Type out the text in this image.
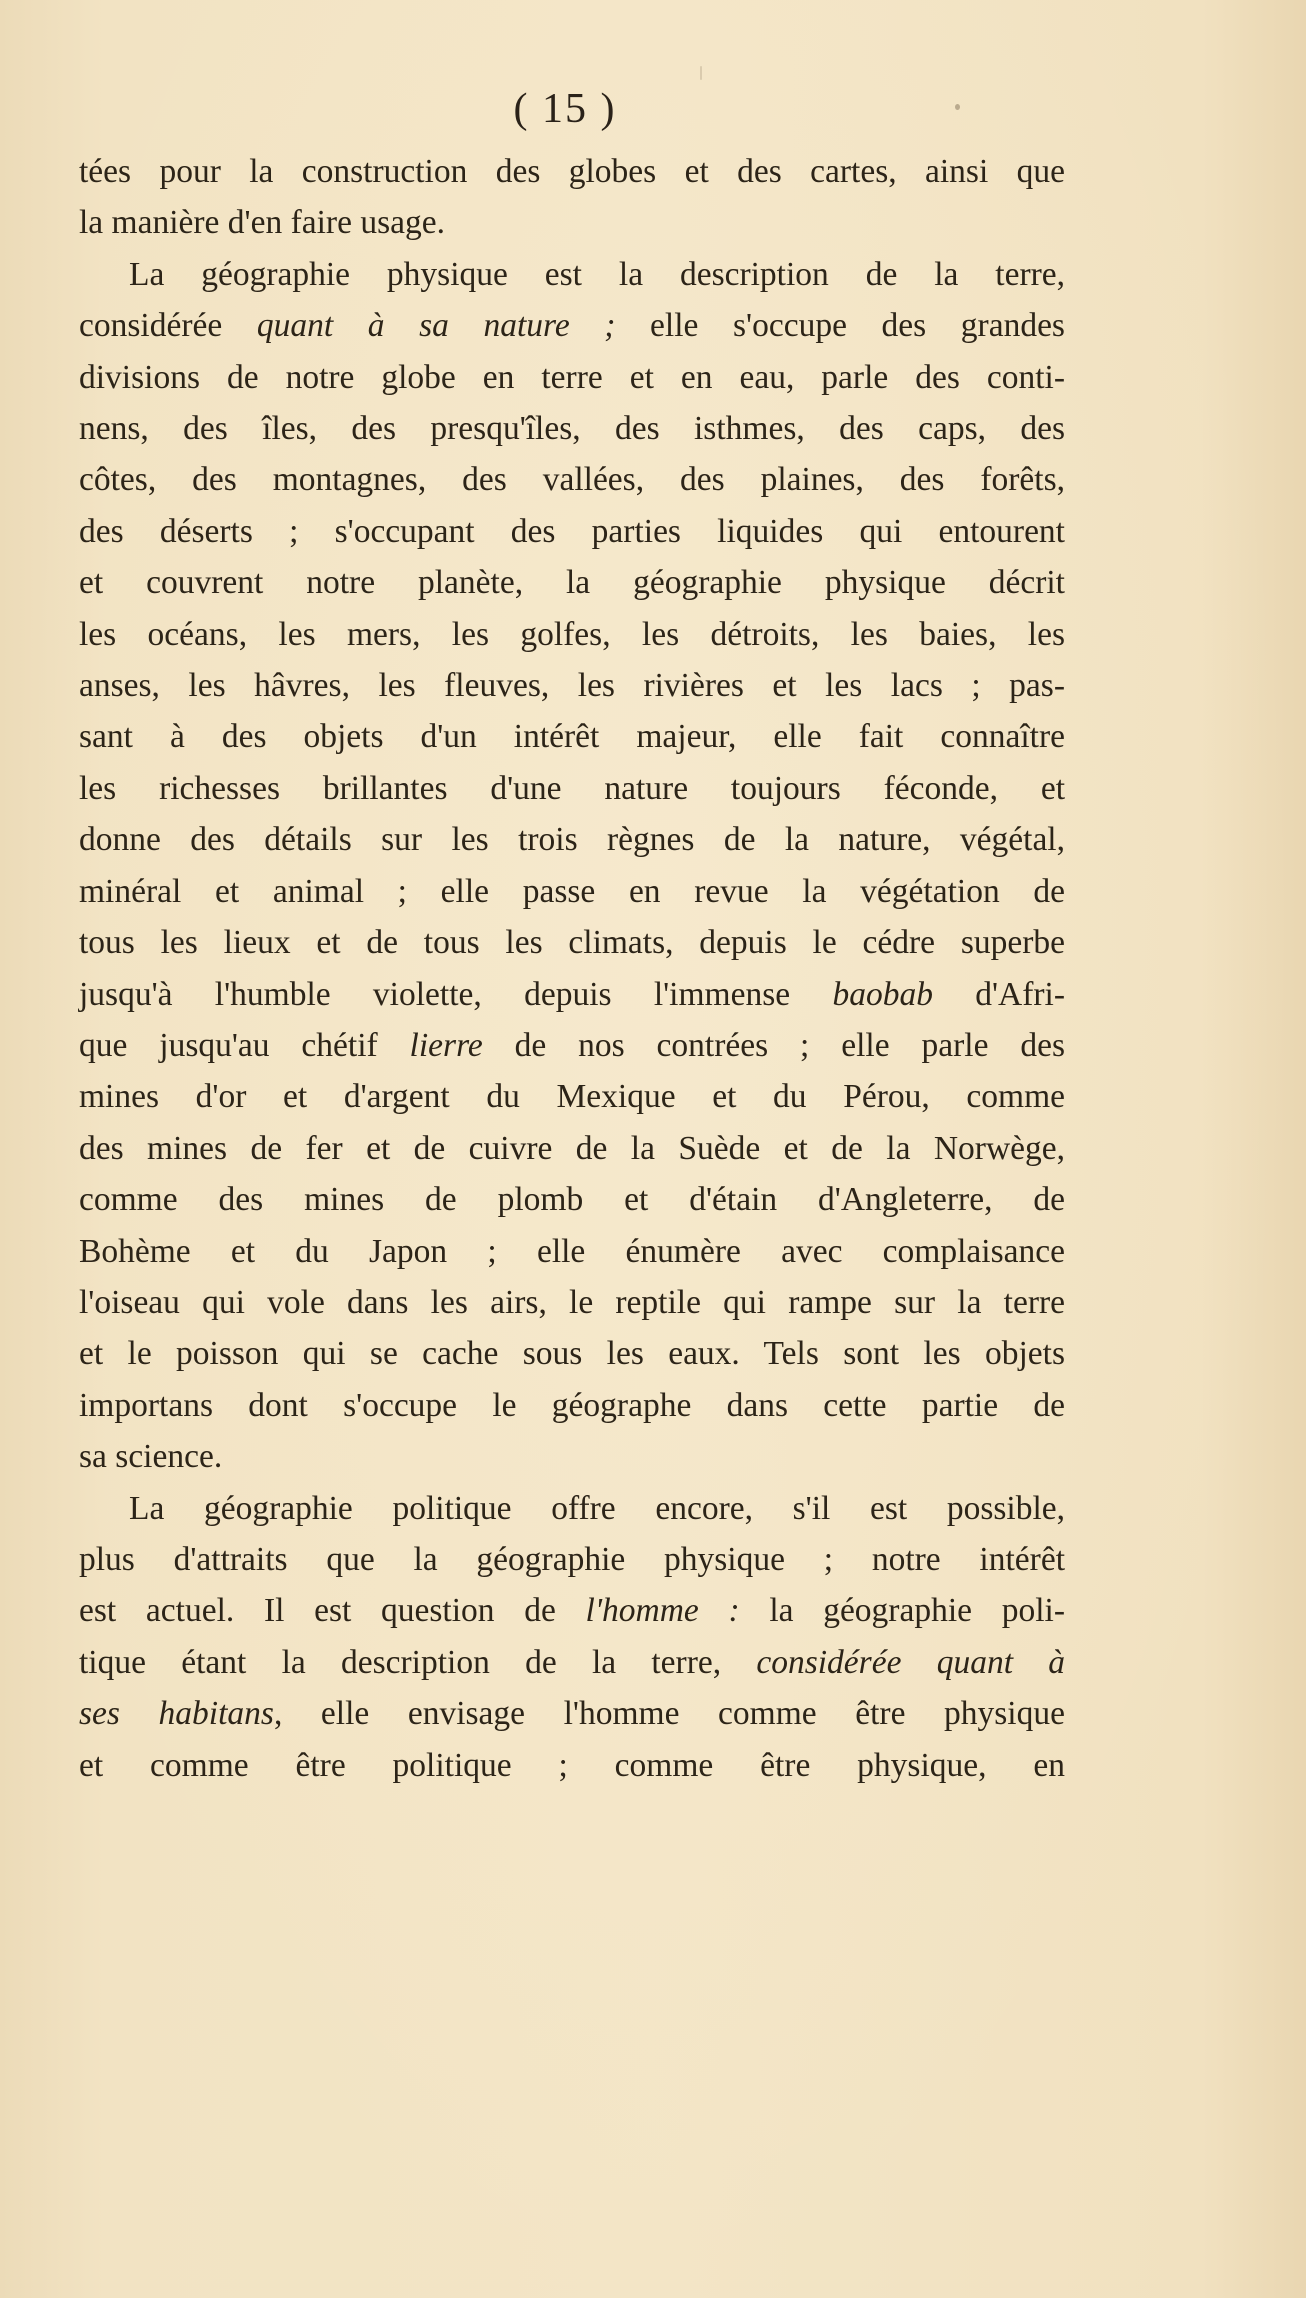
( 15 )

tées pour la construction des globes et des cartes, ainsi que
la manière d'en faire usage.
La géographie physique est la description de la terre,
considérée quant à sa nature ; elle s'occupe des grandes
divisions de notre globe en terre et en eau, parle des conti-
nens, des îles, des presqu'îles, des isthmes, des caps, des
côtes, des montagnes, des vallées, des plaines, des forêts,
des déserts ; s'occupant des parties liquides qui entourent
et couvrent notre planète, la géographie physique décrit
les océans, les mers, les golfes, les détroits, les baies, les
anses, les hâvres, les fleuves, les rivières et les lacs ; pas-
sant à des objets d'un intérêt majeur, elle fait connaître
les richesses brillantes d'une nature toujours féconde, et
donne des détails sur les trois règnes de la nature, végétal,
minéral et animal ; elle passe en revue la végétation de
tous les lieux et de tous les climats, depuis le cédre superbe
jusqu'à l'humble violette, depuis l'immense baobab d'Afri-
que jusqu'au chétif lierre de nos contrées ; elle parle des
mines d'or et d'argent du Mexique et du Pérou, comme
des mines de fer et de cuivre de la Suède et de la Norwège,
comme des mines de plomb et d'étain d'Angleterre, de
Bohème et du Japon ; elle énumère avec complaisance
l'oiseau qui vole dans les airs, le reptile qui rampe sur la terre
et le poisson qui se cache sous les eaux. Tels sont les objets
importans dont s'occupe le géographe dans cette partie de
sa science.
La géographie politique offre encore, s'il est possible,
plus d'attraits que la géographie physique ; notre intérêt
est actuel. Il est question de l'homme : la géographie poli-
tique étant la description de la terre, considérée quant à
ses habitans, elle envisage l'homme comme être physique
et comme être politique ; comme être physique, en
